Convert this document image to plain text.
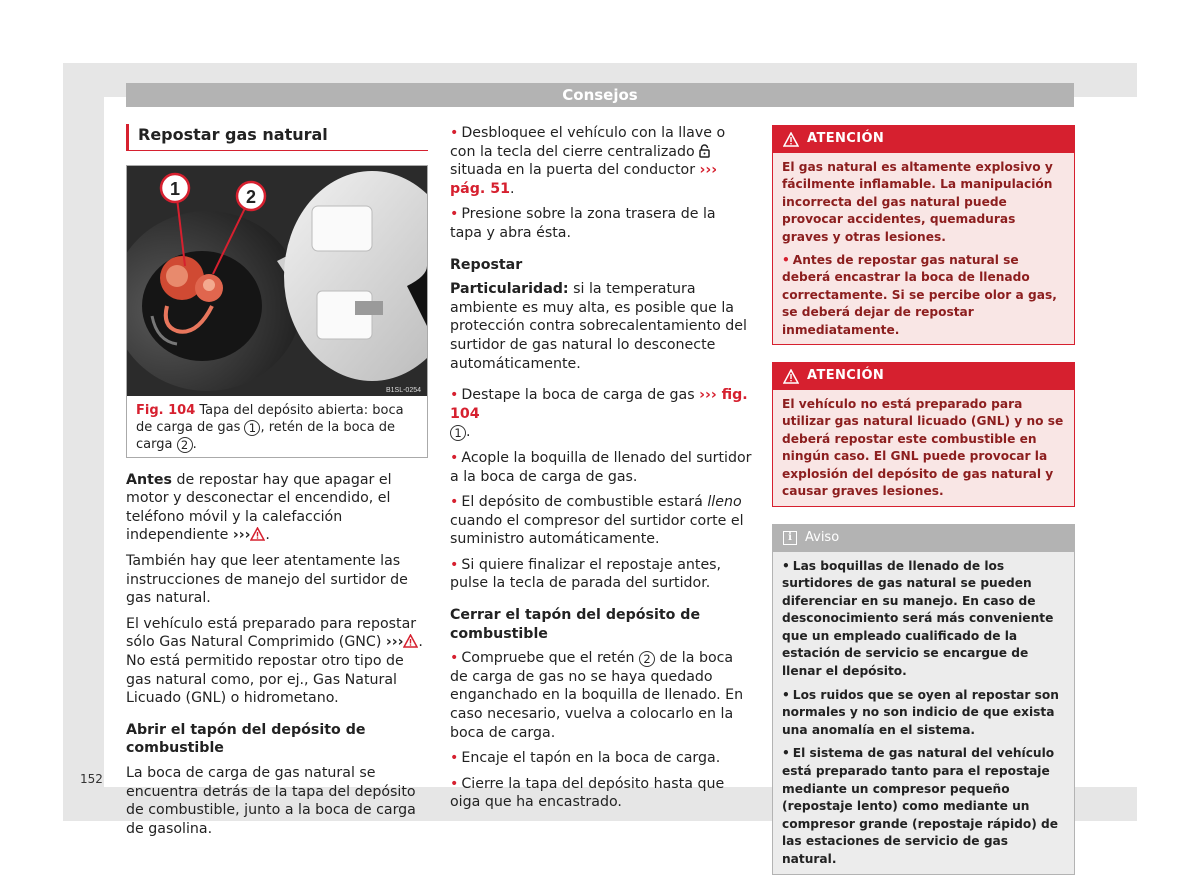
Consejos
Repostar gas natural
1	2
B1SL-0254
Fig. 104 Tapa del depósito abierta: boca de carga de gas 1 , retén de la boca de carga 2 .

Antes de repostar hay que apagar el motor y desconectar el encendido, el teléfono móvil y la calefacción independiente ››› .

También hay que leer atentamente las instrucciones de manejo del surtidor de gas natural.

El vehículo está preparado para repostar sólo Gas Natural Comprimido (GNC) ››› . No está permitido repostar otro tipo de gas natural como, por ej., Gas Natural Licuado (GNL) o hidrometano.

Abrir el tapón del depósito de combustible

La boca de carga de gas natural se encuentra detrás de la tapa del depósito de combustible, junto a la boca de carga de gasolina.

• Desbloquee el vehículo con la llave o con la tecla del cierre centralizado  situada en la puerta del conductor ››› pág. 51.

• Presione sobre la zona trasera de la tapa y abra ésta.

Repostar

Particularidad: si la temperatura ambiente es muy alta, es posible que la protección contra sobrecalentamiento del surtidor de gas natural lo desconecte automáticamente.

• Destape la boca de carga de gas ››› fig. 104
1 .

• Acople la boquilla de llenado del surtidor a la boca de carga de gas.

• El depósito de combustible estará lleno cuando el compresor del surtidor corte el suministro automáticamente.

• Si quiere finalizar el repostaje antes, pulse la tecla de parada del surtidor.

Cerrar el tapón del depósito de combustible

• Compruebe que el retén 2 de la boca de carga de gas no se haya quedado enganchado en la boquilla de llenado. En caso necesario, vuelva a colocarlo en la boca de carga.

• Encaje el tapón en la boca de carga.

• Cierre la tapa del depósito hasta que oiga que ha encastrado.

ATENCIÓN

El gas natural es altamente explosivo y fácilmente inflamable. La manipulación incorrecta del gas natural puede provocar accidentes, quemaduras graves y otras lesiones.

• Antes de repostar gas natural se deberá encastrar la boca de llenado correctamente. Si se percibe olor a gas, se deberá dejar de repostar inmediatamente.

ATENCIÓN

El vehículo no está preparado para utilizar gas natural licuado (GNL) y no se deberá repostar este combustible en ningún caso. El GNL puede provocar la explosión del depósito de gas natural y causar graves lesiones.

i	Aviso

• Las boquillas de llenado de los surtidores de gas natural se pueden diferenciar en su manejo. En caso de desconocimiento será más conveniente que un empleado cualificado de la estación de servicio se encargue de llenar el depósito.

• Los ruidos que se oyen al repostar son normales y no son indicio de que exista una anomalía en el sistema.

• El sistema de gas natural del vehículo está preparado tanto para el repostaje mediante un compresor pequeño (repostaje lento) como mediante un compresor grande (repostaje rápido) de las estaciones de servicio de gas natural.

152
